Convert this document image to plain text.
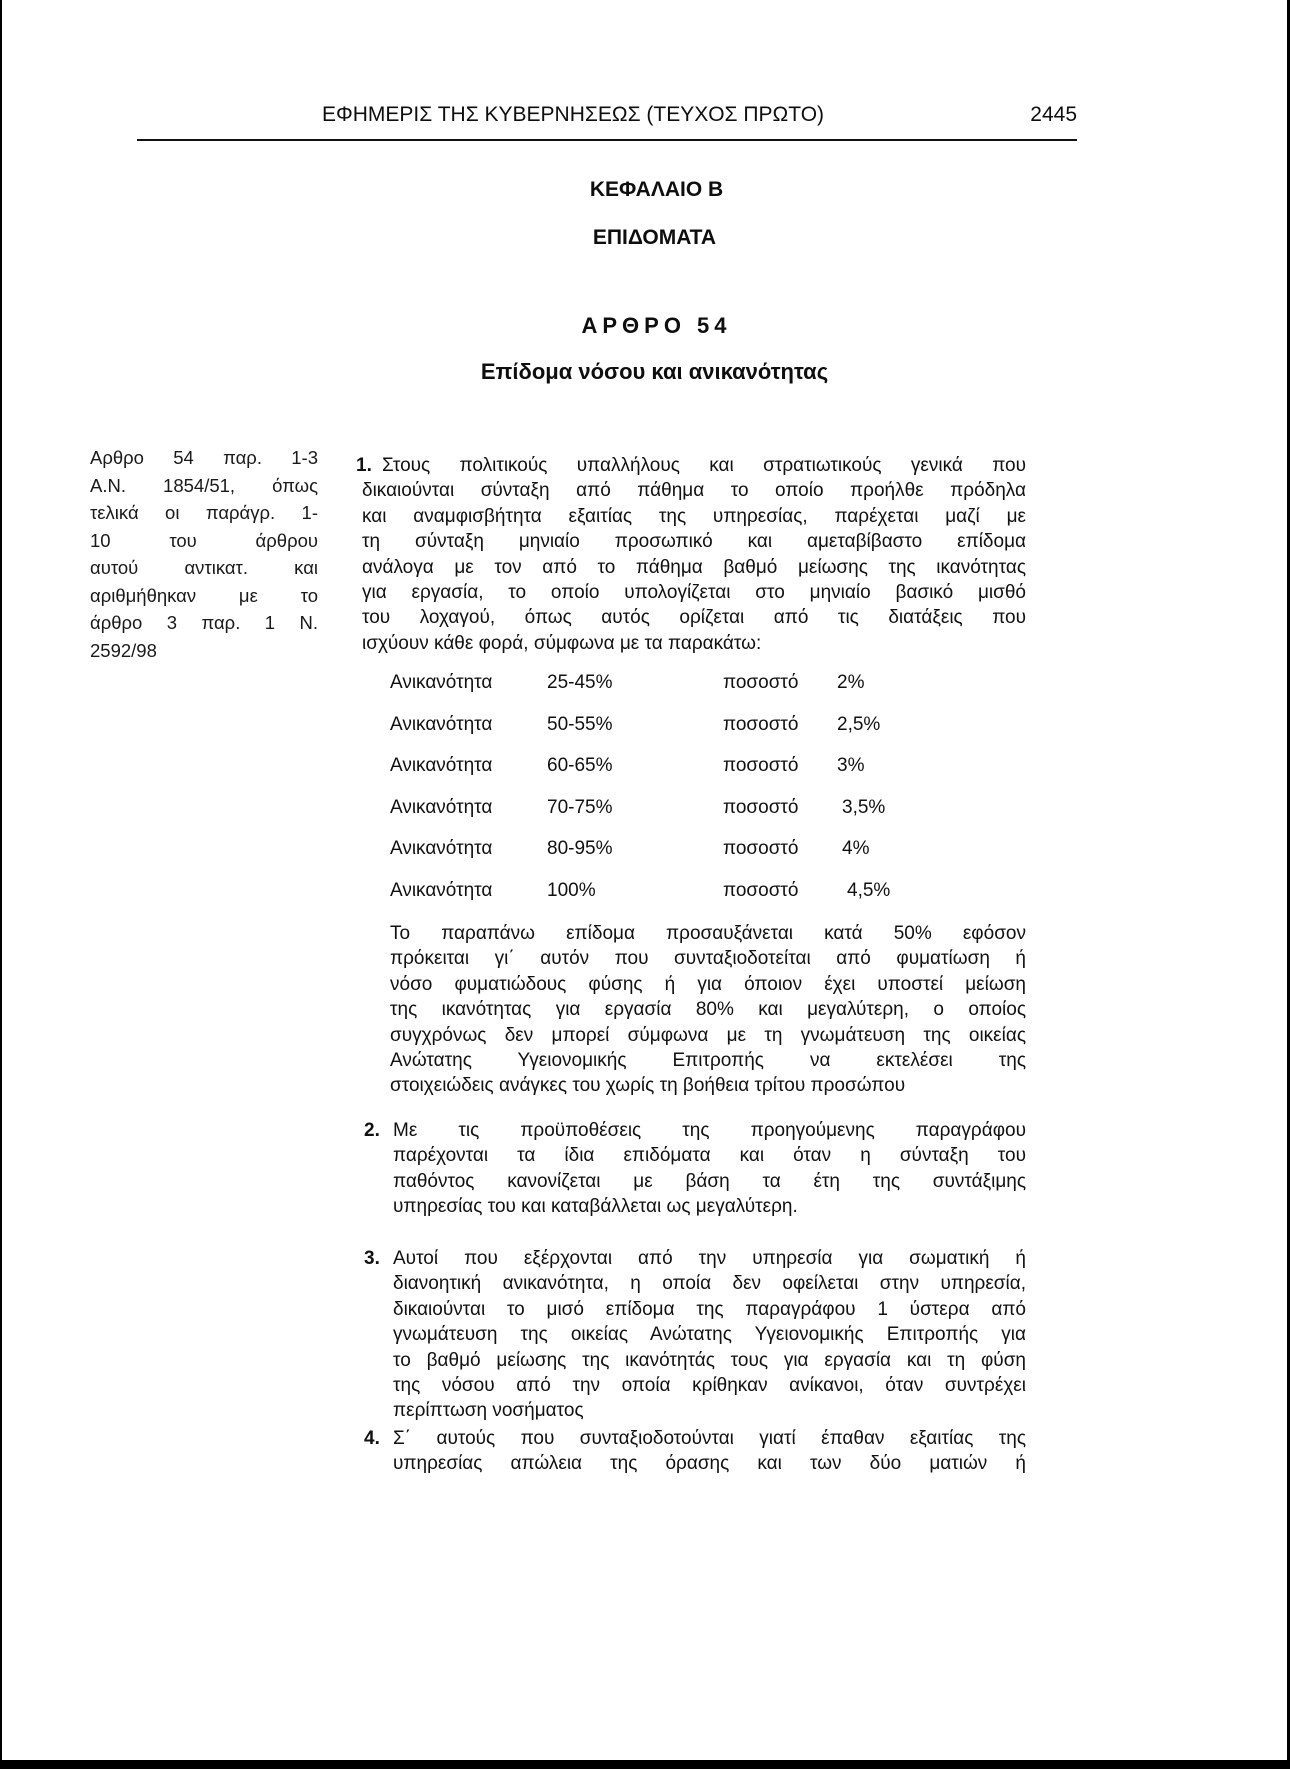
ΕΦΗΜΕΡΙΣ ΤΗΣ ΚΥΒΕΡΝΗΣΕΩΣ (ΤΕΥΧΟΣ ΠΡΩΤΟ)	2445
ΚΕΦΑΛΑΙΟ Β
ΕΠΙΔΟΜΑΤΑ
ΑΡΘΡΟ 54
Επίδομα νόσου και ανικανότητας
Αρθρο 54 παρ. 1-3
Α.Ν. 1854/51, όπως
τελικά οι παράγρ. 1-
10 του άρθρου
αυτού αντικατ. και
αριθμήθηκαν με το
άρθρο 3 παρ. 1 Ν.
2592/98
1. Στους πολιτικούς υπαλλήλους και στρατιωτικούς γενικά που
δικαιούνται σύνταξη από πάθημα το οποίο προήλθε πρόδηλα
και αναμφισβήτητα εξαιτίας της υπηρεσίας, παρέχεται μαζί με
τη σύνταξη μηνιαίο προσωπικό και αμεταβίβαστο επίδομα
ανάλογα με τον από το πάθημα βαθμό μείωσης της ικανότητας
για εργασία, το οποίο υπολογίζεται στο μηνιαίο βασικό μισθό
του λοχαγού, όπως αυτός ορίζεται από τις διατάξεις που
ισχύουν κάθε φορά, σύμφωνα με τα παρακάτω:
Ανικανότητα	25-45%	ποσοστό 2%
Ανικανότητα	50-55%	ποσοστό 2,5%
Ανικανότητα	60-65%	ποσοστό 3%
Ανικανότητα	70-75%	ποσοστό 3,5%
Ανικανότητα	80-95%	ποσοστό 4%
Ανικανότητα	100%	ποσοστό	4,5%
Το παραπάνω επίδομα προσαυξάνεται κατά 50% εφόσον
πρόκειται γι΄ αυτόν που συνταξιοδοτείται από φυματίωση ή
νόσο φυματιώδους φύσης ή για όποιον έχει υποστεί μείωση
της ικανότητας για εργασία 80% και μεγαλύτερη, ο οποίος
συγχρόνως δεν μπορεί σύμφωνα με τη γνωμάτευση της οικείας
Ανώτατης Υγειονομικής Επιτροπής να εκτελέσει της
στοιχειώδεις ανάγκες του χωρίς τη βοήθεια τρίτου προσώπου
2. Με τις προϋποθέσεις της προηγούμενης παραγράφου
παρέχονται τα ίδια επιδόματα και όταν η σύνταξη του
παθόντος κανονίζεται με βάση τα έτη της συντάξιμης
υπηρεσίας του και καταβάλλεται ως μεγαλύτερη.
3. Αυτοί που εξέρχονται από την υπηρεσία για σωματική ή
διανοητική ανικανότητα, η οποία δεν οφείλεται στην υπηρεσία,
δικαιούνται το μισό επίδομα της παραγράφου 1 ύστερα από
γνωμάτευση της οικείας Ανώτατης Υγειονομικής Επιτροπής για
το βαθμό μείωσης της ικανότητάς τους για εργασία και τη φύση
της νόσου από την οποία κρίθηκαν ανίκανοι, όταν συντρέχει
περίπτωση νοσήματος
4. Σ΄ αυτούς που συνταξιοδοτούνται γιατί έπαθαν εξαιτίας της
υπηρεσίας απώλεια της όρασης και των δύο ματιών ή
